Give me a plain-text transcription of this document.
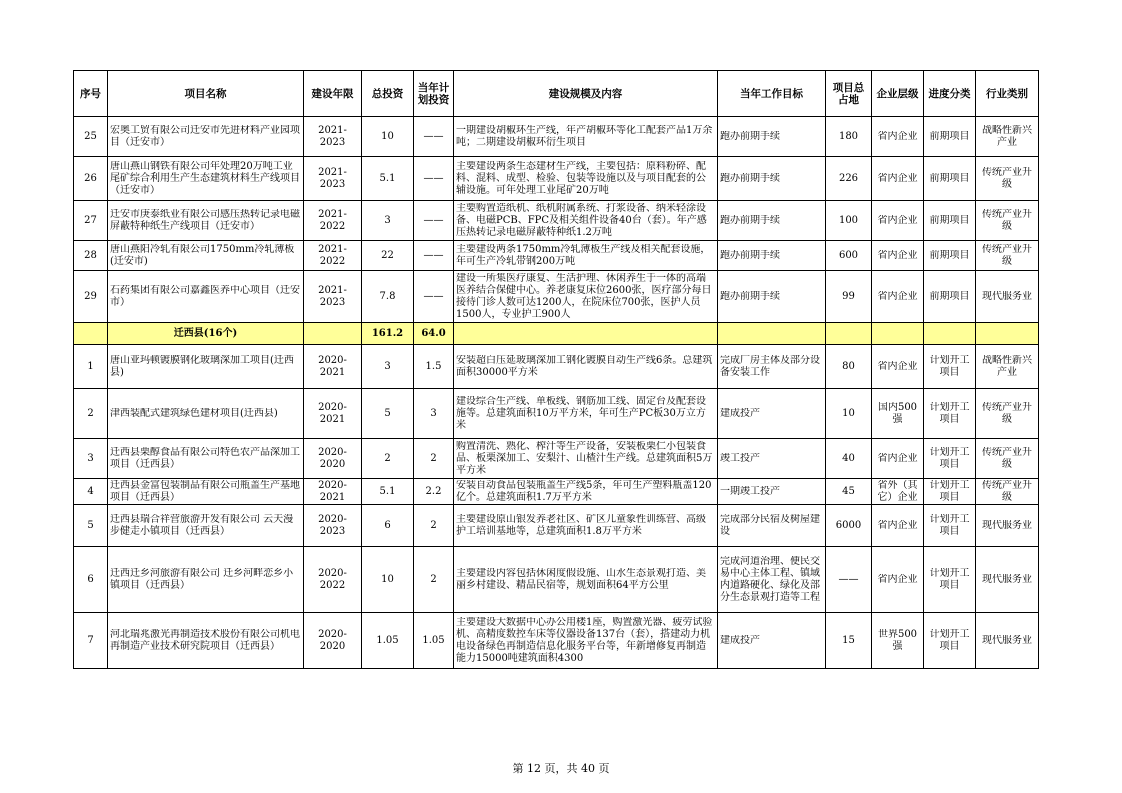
序号	项目名称	建设年限	总投资	当年计划投资	建设规模及内容	当年工作目标	项目总占地	企业层级	进度分类	行业类别

25	宏奥工贸有限公司迁安市先进材料产业园项目（迁安市）	2021-2023	10	——	一期建设胡椒环生产线，年产胡椒环等化工配套产品1万余吨；二期建设胡椒环衍生项目	跑办前期手续	180	省内企业	前期项目	战略性新兴产业

26	唐山燕山钢铁有限公司年处理20万吨工业尾矿综合利用生产生态建筑材料生产线项目（迁安市）	2021-2023	5.1	——	主要建设两条生态建材生产线，主要包括：原料粉碎、配料、混料、成型、检验、包装等设施以及与项目配套的公辅设施。可年处理工业尾矿20万吨	跑办前期手续	226	省内企业	前期项目	传统产业升级

27	迁安市庚泰纸业有限公司感压热转记录电磁屏蔽特种纸生产线项目（迁安市）	2021-2022	3	——	主要购置造纸机、纸机附属系统、打浆设备、纳米轻涂设备、电磁PCB、FPC及相关组件设备40台（套）。年产感压热转记录电磁屏蔽特种纸1.2万吨	跑办前期手续	100	省内企业	前期项目	传统产业升级

28	唐山燕阳冷轧有限公司1750mm冷轧薄板(迁安市)	2021-2022	22	——	主要建设两条1750mm冷轧薄板生产线及相关配套设施，年可生产冷轧带钢200万吨	跑办前期手续	600	省内企业	前期项目	传统产业升级

29	石药集团有限公司嘉鑫医养中心项目（迁安市）	2021-2023	7.8	——	建设一所集医疗康复、生活护理、休闲养生于一体的高端医养结合保健中心。养老康复床位2600张，医疗部分每日接待门诊人数可达1200人，在院床位700张，医护人员1500人，专业护工900人	跑办前期手续	99	省内企业	前期项目	现代服务业

	迁西县(16个)		161.2	64.0						

1	唐山亚玛顿镀膜钢化玻璃深加工项目(迁西县)	2020-2021	3	1.5	安装超白压延玻璃深加工钢化镀膜自动生产线6条。总建筑面积30000平方米	完成厂房主体及部分设备安装工作	80	省内企业	计划开工项目	战略性新兴产业

2	津西装配式建筑绿色建材项目(迁西县)	2020-2021	5	3	建设综合生产线、单板线、钢筋加工线、固定台及配套设施等。总建筑面积10万平方米，年可生产PC板30万立方米	建成投产	10	国内500强	计划开工项目	传统产业升级

3	迁西县栗醇食品有限公司特色农产品深加工项目（迁西县）	2020-2020	2	2	购置清洗、熟化、榨汁等生产设备，安装板栗仁小包装食品、板栗深加工、安梨汁、山楂汁生产线。总建筑面积5万平方米	竣工投产	40	省内企业	计划开工项目	传统产业升级

4	迁西县金富包装制品有限公司瓶盖生产基地项目（迁西县）	2020-2021	5.1	2.2	安装自动食品包装瓶盖生产线5条，年可生产塑料瓶盖120亿个。总建筑面积1.7万平方米	一期竣工投产	45	省外（其它）企业	计划开工项目	传统产业升级

5	迁西县瑞合祥营旅游开发有限公司 云天漫步健走小镇项目（迁西县）	2020-2023	6	2	主要建设原山银发养老社区、矿区儿童象性训练营、高级护工培训基地等，总建筑面积1.8万平方米	完成部分民宿及树屋建设	6000	省内企业	计划开工项目	现代服务业

6	迁西迁乡河旅游有限公司 迁乡河畔恋乡小镇项目（迁西县）	2020-2022	10	2	主要建设内容包括休闲度假设施、山水生态景观打造、美丽乡村建设、精品民宿等，规划面积64平方公里	完成河道治理、便民交易中心主体工程、镇域内道路硬化、绿化及部分生态景观打造等工程	——	省内企业	计划开工项目	现代服务业

7	河北瑞兆激光再制造技术股份有限公司机电再制造产业技术研究院项目（迁西县）	2020-2020	1.05	1.05	主要建设大数据中心办公用楼1座，购置激光器、疲劳试验机、高精度数控车床等仪器设备137台（套），搭建动力机电设备绿色再制造信息化服务平台等，年新增修复再制造能力15000吨建筑面积4300	建成投产	15	世界500强	计划开工项目	现代服务业
第 12 页，共 40 页
